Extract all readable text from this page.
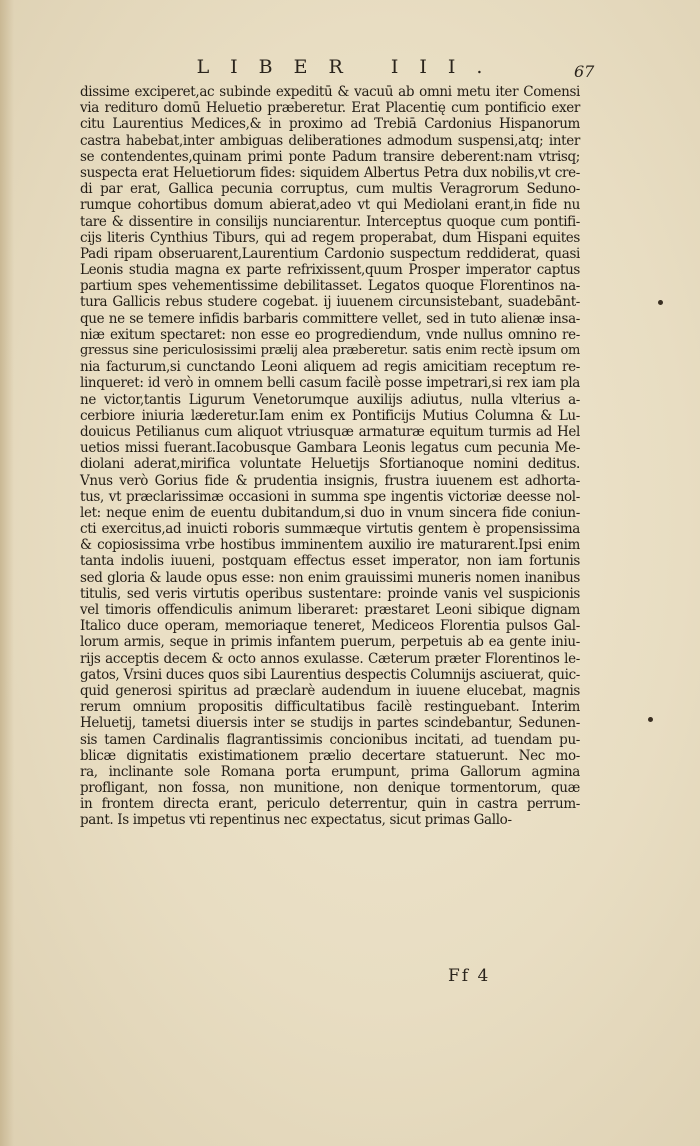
LIBER III.	67
dissime exciperet,ac subinde expeditū & vacuū ab omni metu iter Comensi
via redituro domū Heluetio præberetur. Erat Placentię cum pontificio exer
citu Laurentius Medices,& in proximo ad Trebiā Cardonius Hispanorum
castra habebat,inter ambiguas deliberationes admodum suspensi,atq; inter
se contendentes,quinam primi ponte Padum transire deberent:nam vtrisq;
suspecta erat Heluetiorum fides: siquidem Albertus Petra dux nobilis,vt cre-
di par erat, Gallica pecunia corruptus, cum multis Veragrorum Seduno-
rumque cohortibus domum abierat,adeo vt qui Mediolani erant,in fide nu
tare & dissentire in consilijs nunciarentur. Interceptus quoque cum pontifi-
cijs literis Cynthius Tiburs, qui ad regem properabat, dum Hispani equites
Padi ripam obseruarent,Laurentium Cardonio suspectum reddiderat, quasi
Leonis studia magna ex parte refrixissent,quum Prosper imperator captus
partium spes vehementissime debilitasset. Legatos quoque Florentinos na-
tura Gallicis rebus studere cogebat. ij iuuenem circunsistebant, suadebānt-
que ne se temere infidis barbaris committere vellet, sed in tuto alienæ insa-
niæ exitum spectaret: non esse eo progrediendum, vnde nullus omnino re-
gressus sine periculosissimi prælij alea præberetur. satis enim rectè ipsum om
nia facturum,si cunctando Leoni aliquem ad regis amicitiam receptum re-
linqueret: id verò in omnem belli casum facilè posse impetrari,si rex iam pla
ne victor,tantis Ligurum Venetorumque auxilijs adiutus, nulla vlterius a-
cerbiore iniuria læderetur.Iam enim ex Pontificijs Mutius Columna & Lu-
douicus Petilianus cum aliquot vtriusquæ armaturæ equitum turmis ad Hel
uetios missi fuerant.Iacobusque Gambara Leonis legatus cum pecunia Me-
diolani aderat,mirifica voluntate Heluetijs Sfortianoque nomini deditus.
Vnus verò Gorius fide & prudentia insignis, frustra iuuenem est adhorta-
tus, vt præclarissimæ occasioni in summa spe ingentis victoriæ deesse nol-
let: neque enim de euentu dubitandum,si duo in vnum sincera fide coniun-
cti exercitus,ad inuicti roboris summæque virtutis gentem è propensissima
& copiosissima vrbe hostibus imminentem auxilio ire maturarent.Ipsi enim
tanta indolis iuueni, postquam effectus esset imperator, non iam fortunis
sed gloria & laude opus esse: non enim grauissimi muneris nomen inanibus
titulis, sed veris virtutis operibus sustentare: proinde vanis vel suspicionis
vel timoris offendiculis animum liberaret: præstaret Leoni sibique dignam
Italico duce operam, memoriaque teneret, Mediceos Florentia pulsos Gal-
lorum armis, seque in primis infantem puerum, perpetuis ab ea gente iniu-
rijs acceptis decem & octo annos exulasse. Cæterum præter Florentinos le-
gatos, Vrsini duces quos sibi Laurentius despectis Columnijs asciuerat, quic-
quid generosi spiritus ad præclarè audendum in iuuene elucebat, magnis
rerum omnium propositis difficultatibus facilè restinguebant. Interim
Heluetij, tametsi diuersis inter se studijs in partes scindebantur, Sedunen-
sis tamen Cardinalis flagrantissimis concionibus incitati, ad tuendam pu-
blicæ dignitatis existimationem prælio decertare statuerunt. Nec mo-
ra, inclinante sole Romana porta erumpunt, prima Gallorum agmina
profligant, non fossa, non munitione, non denique tormentorum, quæ
in frontem directa erant, periculo deterrentur, quin in castra perrum-
pant. Is impetus vti repentinus nec expectatus, sicut primas Gallo-
Ff 4
